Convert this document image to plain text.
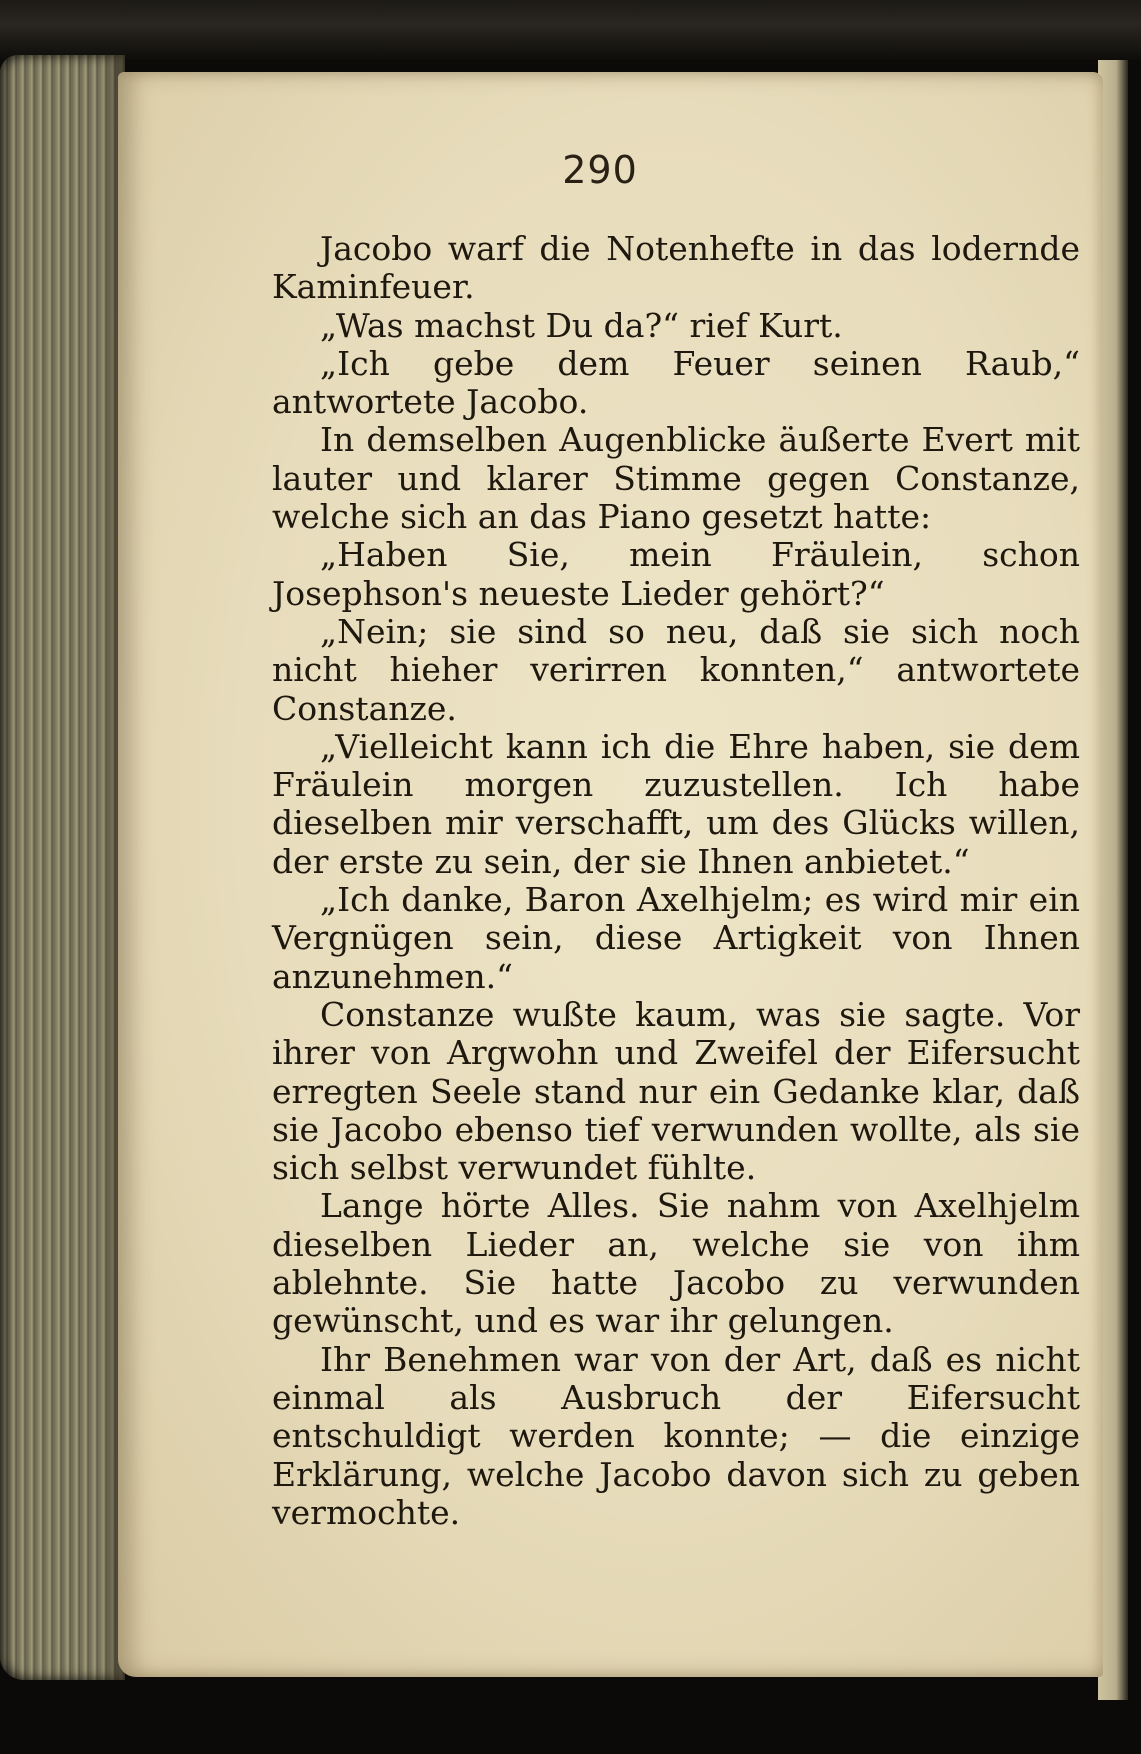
290

Jacobo warf die Notenhefte in das lodernde Kaminfeuer.

„Was machst Du da?“ rief Kurt.

„Ich gebe dem Feuer seinen Raub,“ antwortete Jacobo.

In demselben Augenblicke äußerte Evert mit lauter und klarer Stimme gegen Constanze, welche sich an das Piano gesetzt hatte:

„Haben Sie, mein Fräulein, schon Josephson's neueste Lieder gehört?“

„Nein; sie sind so neu, daß sie sich noch nicht hieher verirren konnten,“ antwortete Constanze.

„Vielleicht kann ich die Ehre haben, sie dem Fräulein morgen zuzustellen. Ich habe dieselben mir verschafft, um des Glücks willen, der erste zu sein, der sie Ihnen anbietet.“

„Ich danke, Baron Axelhjelm; es wird mir ein Vergnügen sein, diese Artigkeit von Ihnen anzunehmen.“

Constanze wußte kaum, was sie sagte. Vor ihrer von Argwohn und Zweifel der Eifersucht erregten Seele stand nur ein Gedanke klar, daß sie Jacobo ebenso tief verwunden wollte, als sie sich selbst verwundet fühlte.

Lange hörte Alles. Sie nahm von Axelhjelm dieselben Lieder an, welche sie von ihm ablehnte. Sie hatte Jacobo zu verwunden gewünscht, und es war ihr gelungen.

Ihr Benehmen war von der Art, daß es nicht einmal als Ausbruch der Eifersucht entschuldigt werden konnte; — die einzige Erklärung, welche Jacobo davon sich zu geben vermochte.
